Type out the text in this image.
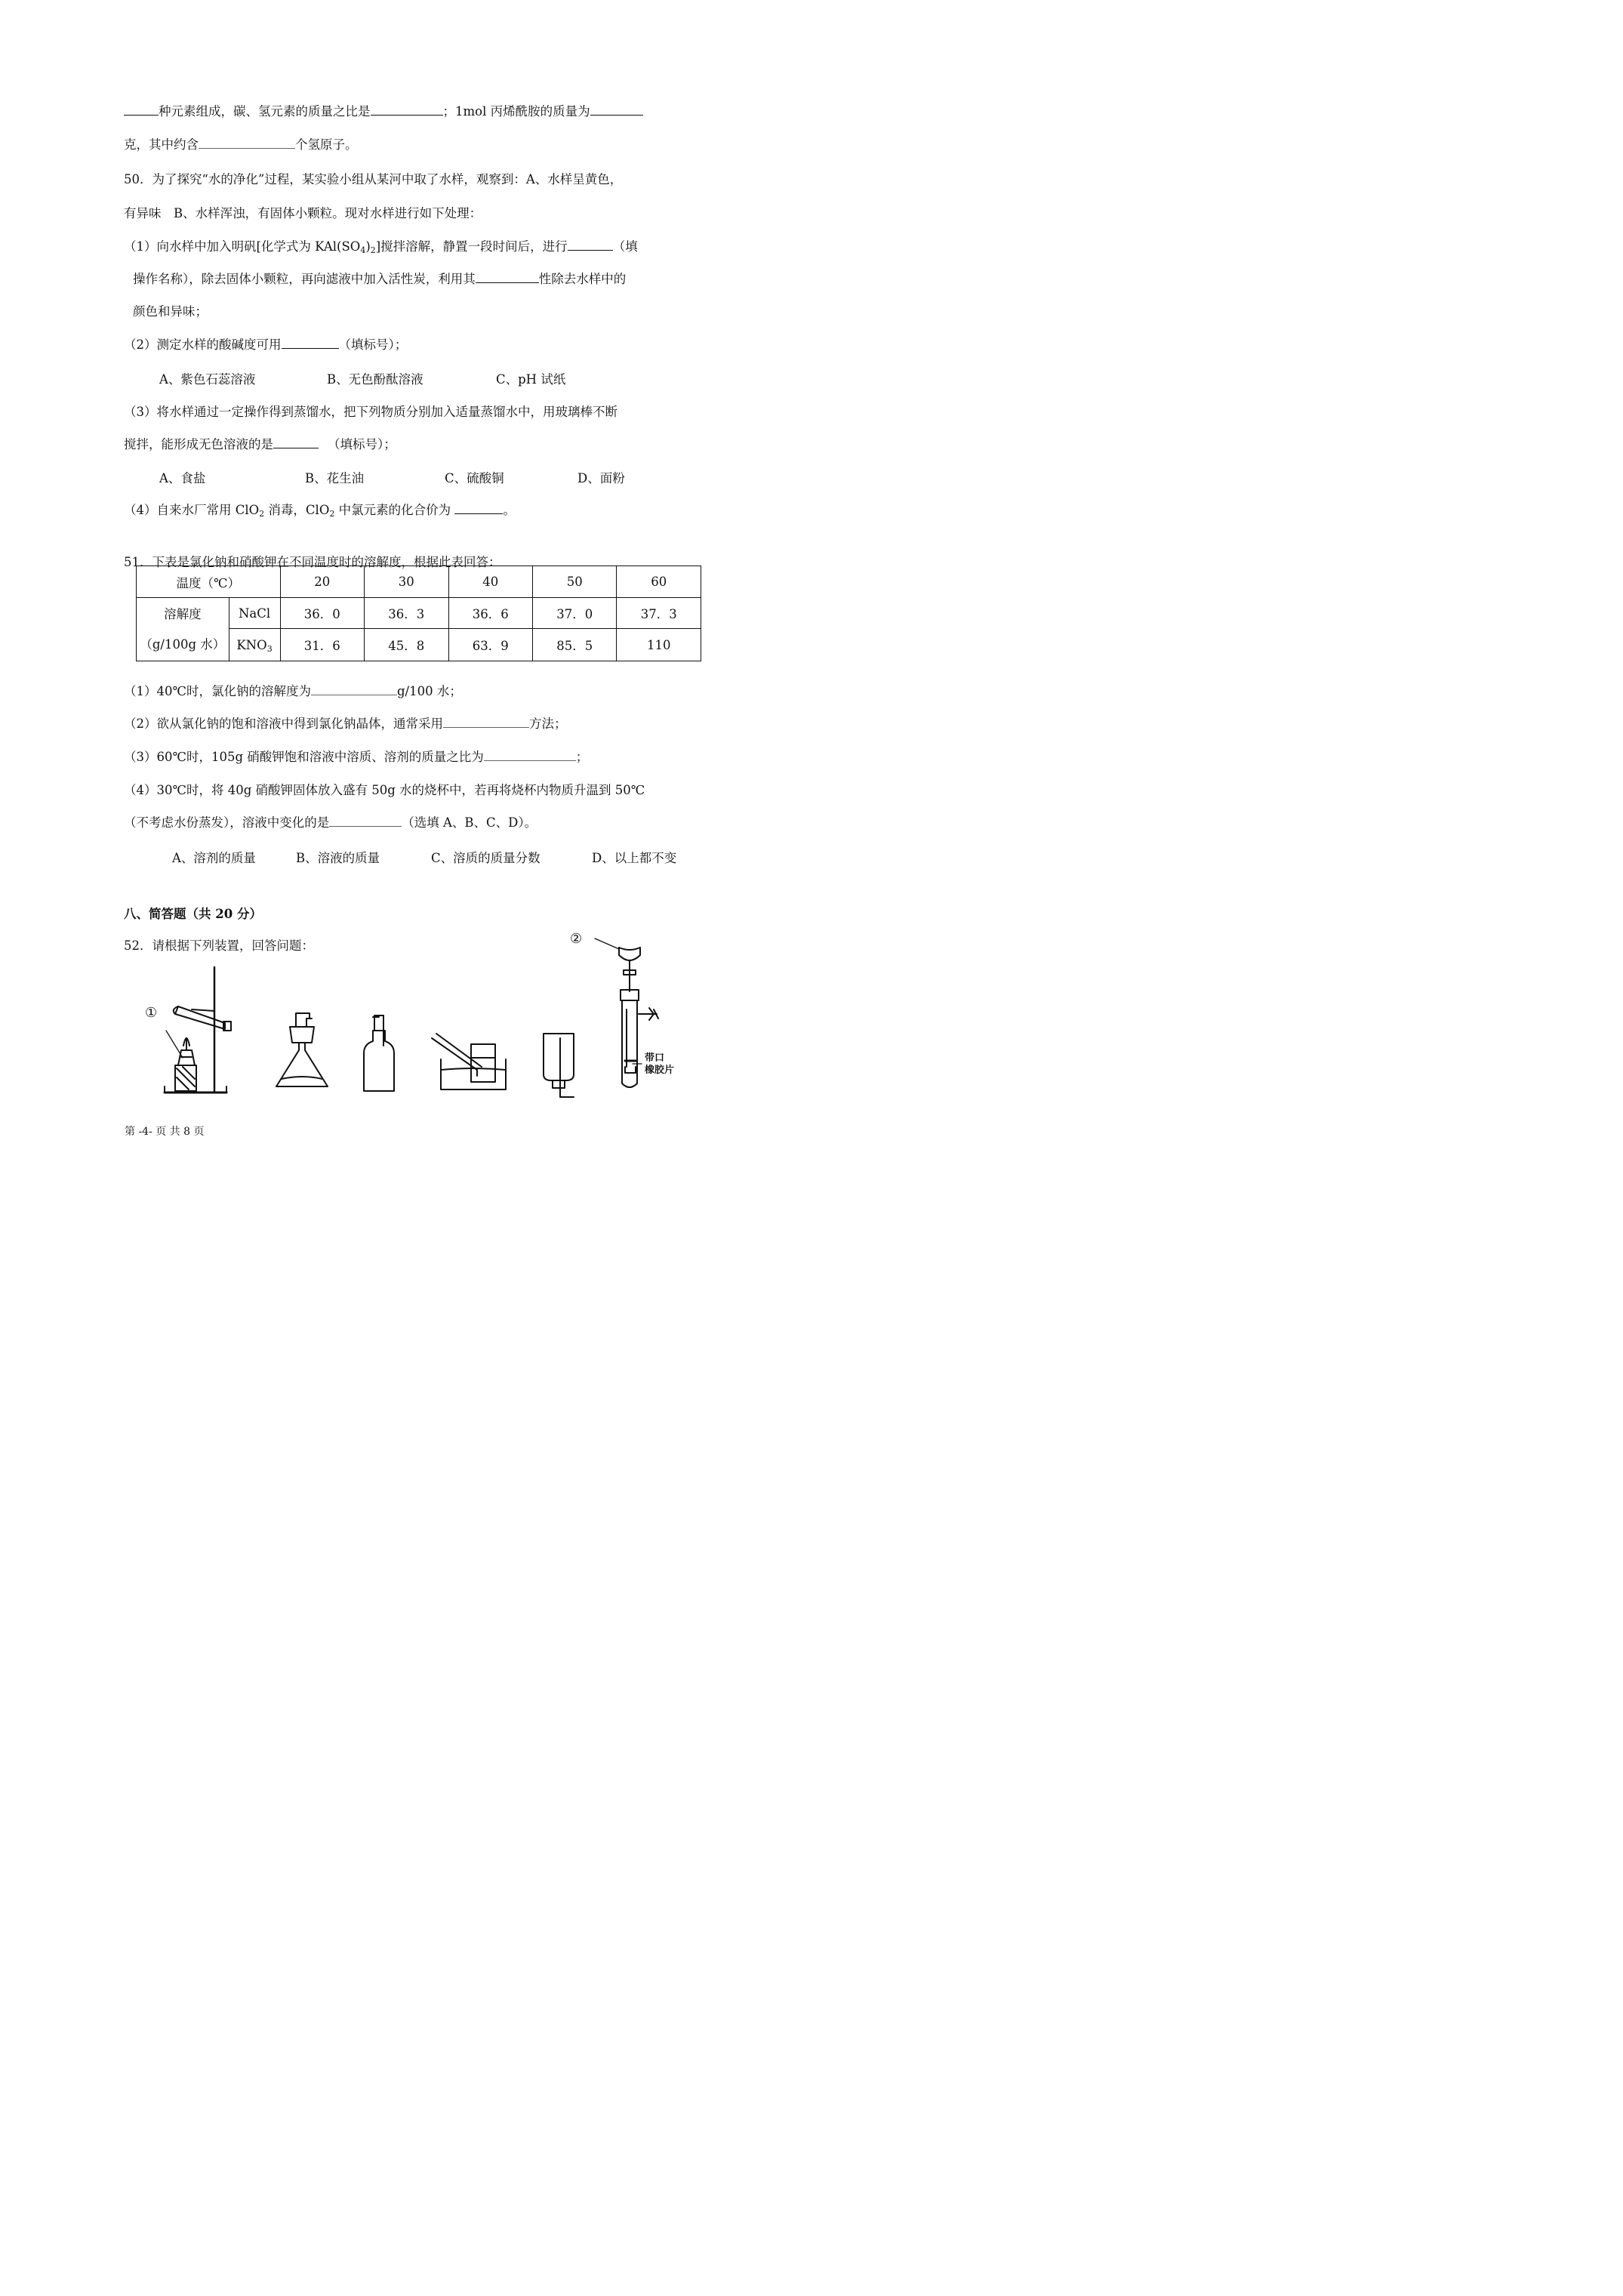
种元素组成，碳、氢元素的质量之比是	；1mol 丙烯酰胺的质量为
克，其中约含	个氢原子。
50．为了探究“水的净化”过程，某实验小组从某河中取了水样，观察到：A、水样呈黄色，
有异味　B、水样浑浊，有固体小颗粒。现对水样进行如下处理：
（1）向水样中加入明矾[化学式为 $KAl(SO_4)_2$]搅拌溶解，静置一段时间后，进行	（填
操作名称），除去固体小颗粒，再向滤液中加入活性炭，利用其	性除去水样中的
颜色和异味；
（2）测定水样的酸碱度可用	（填标号）；
A、紫色石蕊溶液	B、无色酚酞溶液	C、pH 试纸
（3）将水样通过一定操作得到蒸馏水，把下列物质分别加入适量蒸馏水中，用玻璃棒不断
搅拌，能形成无色溶液的是	（填标号）；
A、食盐	B、花生油	C、硫酸铜	D、面粉
（4）自来水厂常用 ClO$_2$ 消毒，ClO$_2$ 中氯元素的化合价为	。
51．下表是氯化钠和硝酸钾在不同温度时的溶解度，根据此表回答：
温度（℃）		20	30	40	50	60

溶解度
（g/100g 水）	NaCl	36．0	36．3	36．6	37．0	37．3
	$KNO_3$	31．6	45．8	63．9	85．5	110
（1）40℃时，氯化钠的溶解度为	g/100 水；
（2）欲从氯化钠的饱和溶液中得到氯化钠晶体，通常采用	方法；
（3）60℃时，105g 硝酸钾饱和溶液中溶质、溶剂的质量之比为	；
（4）30℃时，将 40g 硝酸钾固体放入盛有 50g 水的烧杯中，若再将烧杯内物质升温到 50℃
（不考虑水份蒸发），溶液中变化的是	（选填 A、B、C、D）。
A、溶剂的质量	B、溶液的质量	C、溶质的质量分数	D、以上都不变
八、简答题（共 20 分）
52．请根据下列装置，回答问题：
①
②
带口
橡胶片
第 -4- 页 共 8 页
